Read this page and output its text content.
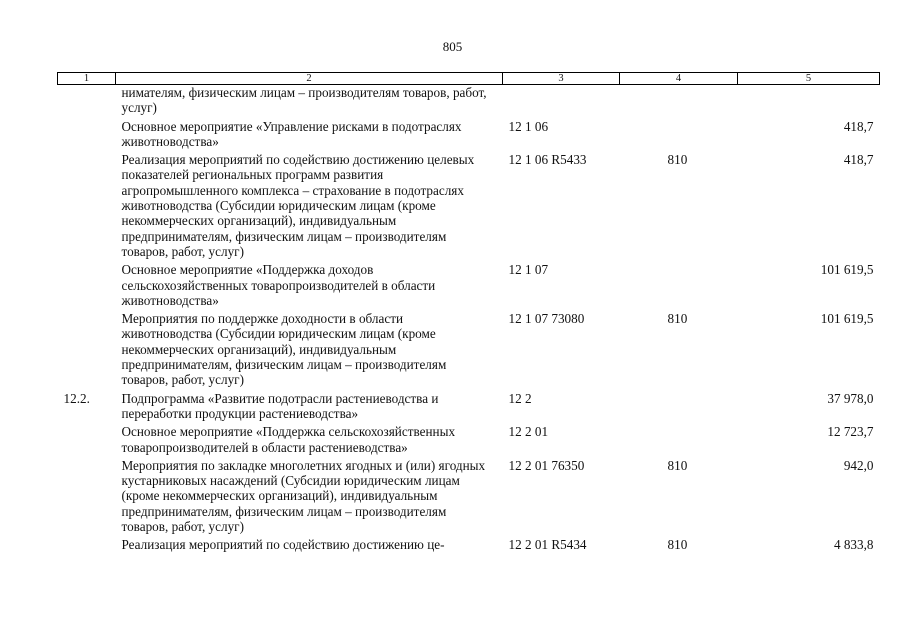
805
1	2	3	4	5
	нимателям, физическим лицам – производителям товаров, работ, услуг)			
	Основное мероприятие «Управление рисками в подотраслях животноводства»	12 1 06		418,7
	Реализация мероприятий по содействию достижению целевых показателей региональных программ развития агропромышленного комплекса – страхование в подотраслях животноводства (Субсидии юридическим лицам (кроме некоммерческих организаций), индивидуальным предпринимателям, физическим лицам – производителям товаров, работ, услуг)	12 1 06 R5433	810	418,7
	Основное мероприятие «Поддержка доходов сельскохозяйственных товаропроизводителей в области животноводства»	12 1 07		101 619,5
	Мероприятия по поддержке доходности в области животноводства (Субсидии юридическим лицам (кроме некоммерческих организаций), индивидуальным предпринимателям, физическим лицам – производителям товаров, работ, услуг)	12 1 07 73080	810	101 619,5
12.2.	Подпрограмма «Развитие подотрасли растениеводства и переработки продукции растениеводства»	12 2		37 978,0
	Основное мероприятие «Поддержка сельскохозяйственных товаропроизводителей в области растениеводства»	12 2 01		12 723,7
	Мероприятия по закладке многолетних ягодных и (или) ягодных кустарниковых насаждений (Субсидии юридическим лицам (кроме некоммерческих организаций), индивидуальным предпринимателям, физическим лицам – производителям товаров, работ, услуг)	12 2 01 76350	810	942,0
	Реализация мероприятий по содействию достижению це-	12 2 01 R5434	810	4 833,8
